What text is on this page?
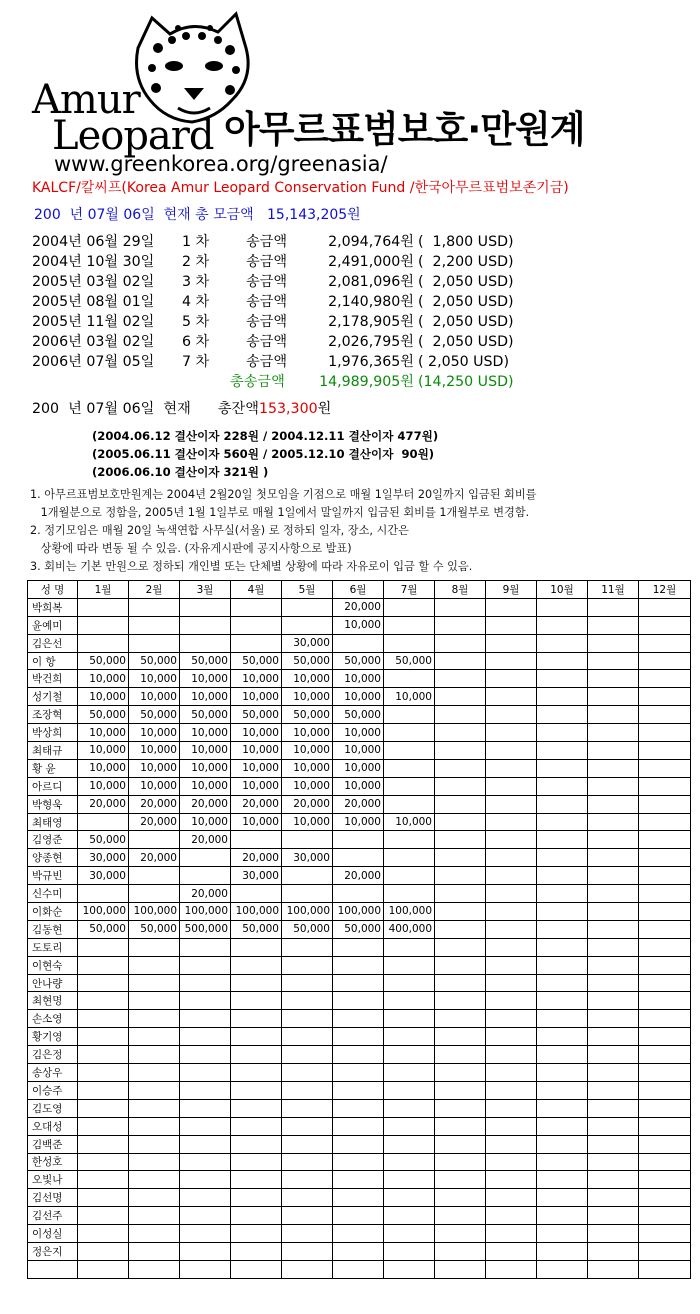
Amur
Leopard 아무르표범보호·만원계
www.greenkorea.org/greenasia/
KALCF/칼씨프(Korea Amur Leopard Conservation Fund /한국아무르표범보존기금)
200  년 07월 06일  현재 총 모금액   15,143,205원
2004년 06월 29일 1 차	송금액	2,094,764원 (  1,800 USD)
2004년 10월 30일 2 차	송금액	2,491,000원 (  2,200 USD)
2005년 03월 02일 3 차	송금액	2,081,096원 (  2,050 USD)
2005년 08월 01일 4 차	송금액	2,140,980원 (  2,050 USD)
2005년 11월 02일 5 차	송금액	2,178,905원 (  2,050 USD)
2006년 03월 02일 6 차	송금액	2,026,795원 (  2,050 USD)
2006년 07월 05일 7 차	송금액	1,976,365원 ( 2,050 USD)
총송금액	14,989,905원 (14,250 USD)
200  년 07월 06일  현재      총잔액153,300원
(2004.06.12 결산이자 228원 / 2004.12.11 결산이자 477원)
(2005.06.11 결산이자 560원 / 2005.12.10 결산이자  90원)
(2006.06.10 결산이자 321원 )
1. 아무르표범보호만원계는 2004년 2월20일 첫모임을 기점으로 매월 1일부터 20일까지 입금된 회비를
1개월분으로 정함을, 2005년 1월 1일부로 매월 1일에서 말일까지 입금된 회비를 1개월부로 변경함.
2. 정기모임은 매월 20일 녹색연합 사무실(서울) 로 정하되 일자, 장소, 시간은
상황에 따라 변동 될 수 있음. (자유게시판에 공지사항으로 발표)
3. 회비는 기본 만원으로 정하되 개인별 또는 단체별 상황에 따라 자유로이 입금 할 수 있음.
성 명	1월	2월	3월	4월	5월	6월	7월	8월	9월	10월	11월	12월
박희복						20,000						
윤예미						10,000						
김은선					30,000							
이 항	50,000	50,000	50,000	50,000	50,000	50,000	50,000					
박건희	10,000	10,000	10,000	10,000	10,000	10,000						
성기철	10,000	10,000	10,000	10,000	10,000	10,000	10,000					
조장혁	50,000	50,000	50,000	50,000	50,000	50,000						
박상희	10,000	10,000	10,000	10,000	10,000	10,000						
최태규	10,000	10,000	10,000	10,000	10,000	10,000						
황 윤	10,000	10,000	10,000	10,000	10,000	10,000						
아르디	10,000	10,000	10,000	10,000	10,000	10,000						
박형욱	20,000	20,000	20,000	20,000	20,000	20,000						
최태영		20,000	10,000	10,000	10,000	10,000	10,000					
김영준	50,000		20,000									
양종현	30,000	20,000		20,000	30,000							
박규빈	30,000			30,000		20,000						
신수미			20,000									
이화순	100,000	100,000	100,000	100,000	100,000	100,000	100,000					
김동현	50,000	50,000	500,000	50,000	50,000	50,000	400,000					
도토리												
이현숙												
안나량												
최현명												
손소영												
황기영												
김은정												
송상우												
이승주												
김도영												
오대성												
김백준												
한성호												
오빛나												
김선명												
김선주												
이성실												
정은지												
